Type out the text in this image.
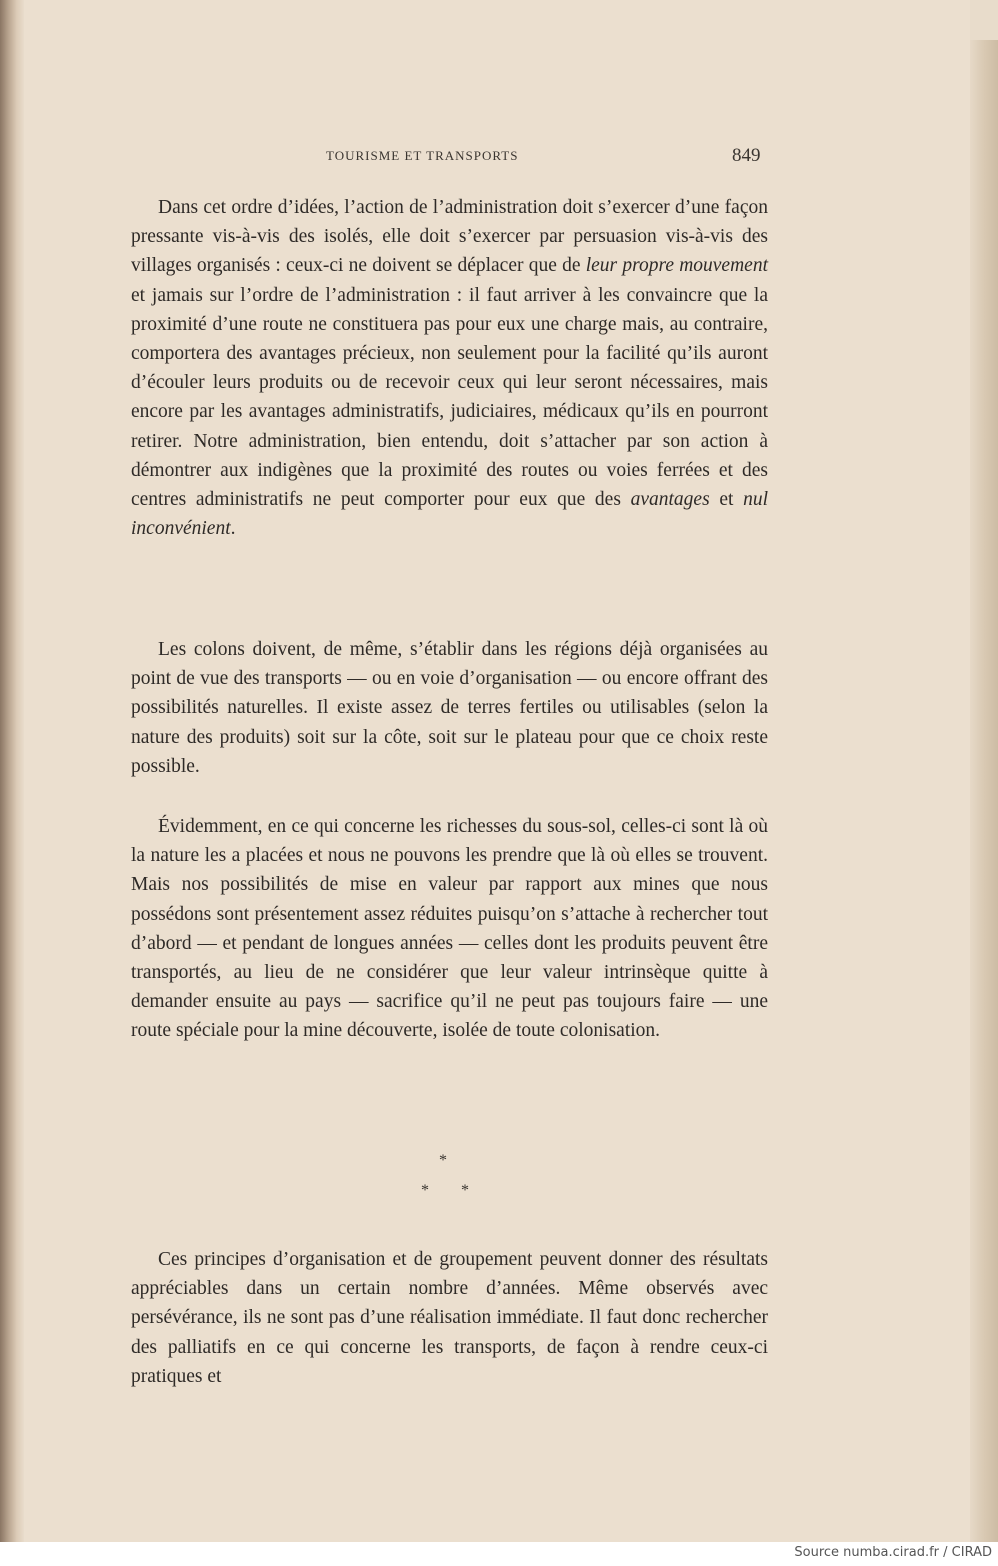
TOURISME ET TRANSPORTS	849

Dans cet ordre d’idées, l’action de l’administration doit s’exercer d’une façon pressante vis-à-vis des isolés, elle doit s’exercer par persuasion vis-à-vis des villages organisés : ceux-ci ne doivent se déplacer que de leur propre mouvement et jamais sur l’ordre de l’administration : il faut arriver à les convaincre que la proximité d’une route ne constituera pas pour eux une charge mais, au contraire, comportera des avantages précieux, non seulement pour la facilité qu’ils auront d’écouler leurs produits ou de recevoir ceux qui leur seront nécessaires, mais encore par les avantages administratifs, judiciaires, médicaux qu’ils en pourront retirer. Notre administration, bien entendu, doit s’attacher par son action à démontrer aux indigènes que la proximité des routes ou voies ferrées et des centres administratifs ne peut comporter pour eux que des avantages et nul inconvénient.

Les colons doivent, de même, s’établir dans les régions déjà organisées au point de vue des transports — ou en voie d’organisation — ou encore offrant des possibilités naturelles. Il existe assez de terres fertiles ou utilisables (selon la nature des produits) soit sur la côte, soit sur le plateau pour que ce choix reste possible.

Évidemment, en ce qui concerne les richesses du sous-sol, celles-ci sont là où la nature les a placées et nous ne pouvons les prendre que là où elles se trouvent. Mais nos possibilités de mise en valeur par rapport aux mines que nous possédons sont présentement assez réduites puisqu’on s’attache à rechercher tout d’abord — et pendant de longues années — celles dont les produits peuvent être transportés, au lieu de ne considérer que leur valeur intrinsèque quitte à demander ensuite au pays — sacrifice qu’il ne peut pas toujours faire — une route spéciale pour la mine découverte, isolée de toute colonisation.

*
* *

Ces principes d’organisation et de groupement peuvent donner des résultats appréciables dans un certain nombre d’années. Même observés avec persévérance, ils ne sont pas d’une réalisation immédiate. Il faut donc rechercher des palliatifs en ce qui concerne les transports, de façon à rendre ceux-ci pratiques et

Source numba.cirad.fr / CIRAD
